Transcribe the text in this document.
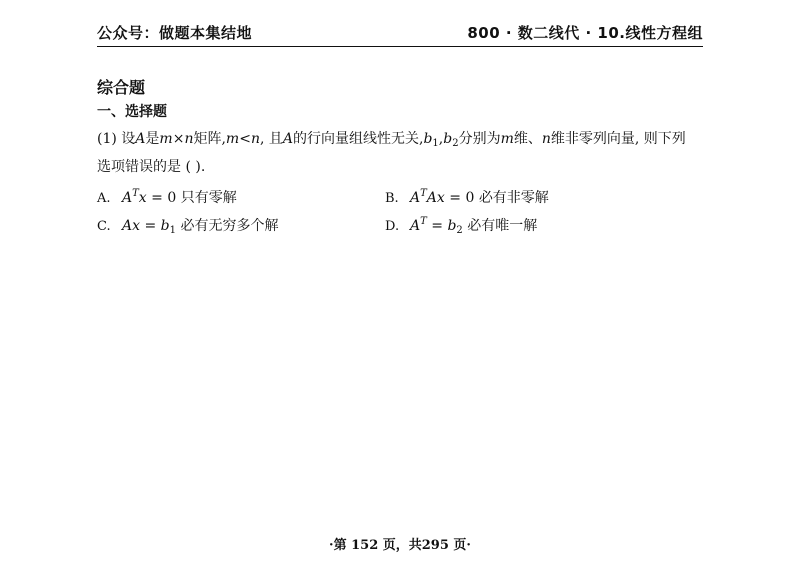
公众号：做题本集结地	800 · 数二线代 · 10.线性方程组
综合题
一、选择题
(1) 设A是m×n矩阵,m<n, 且A的行向量组线性无关$,b_1,b_2$分别为m维、n维非零列向量, 则下列
选项错误的是 ( ).
A. $A^Tx = 0$ 只有零解	B. $A^TAx = 0$ 必有非零解
C. $Ax = b_1$ 必有无穷多个解	D. $A^T = b_2$ 必有唯一解
·第 152 页，共295 页·
